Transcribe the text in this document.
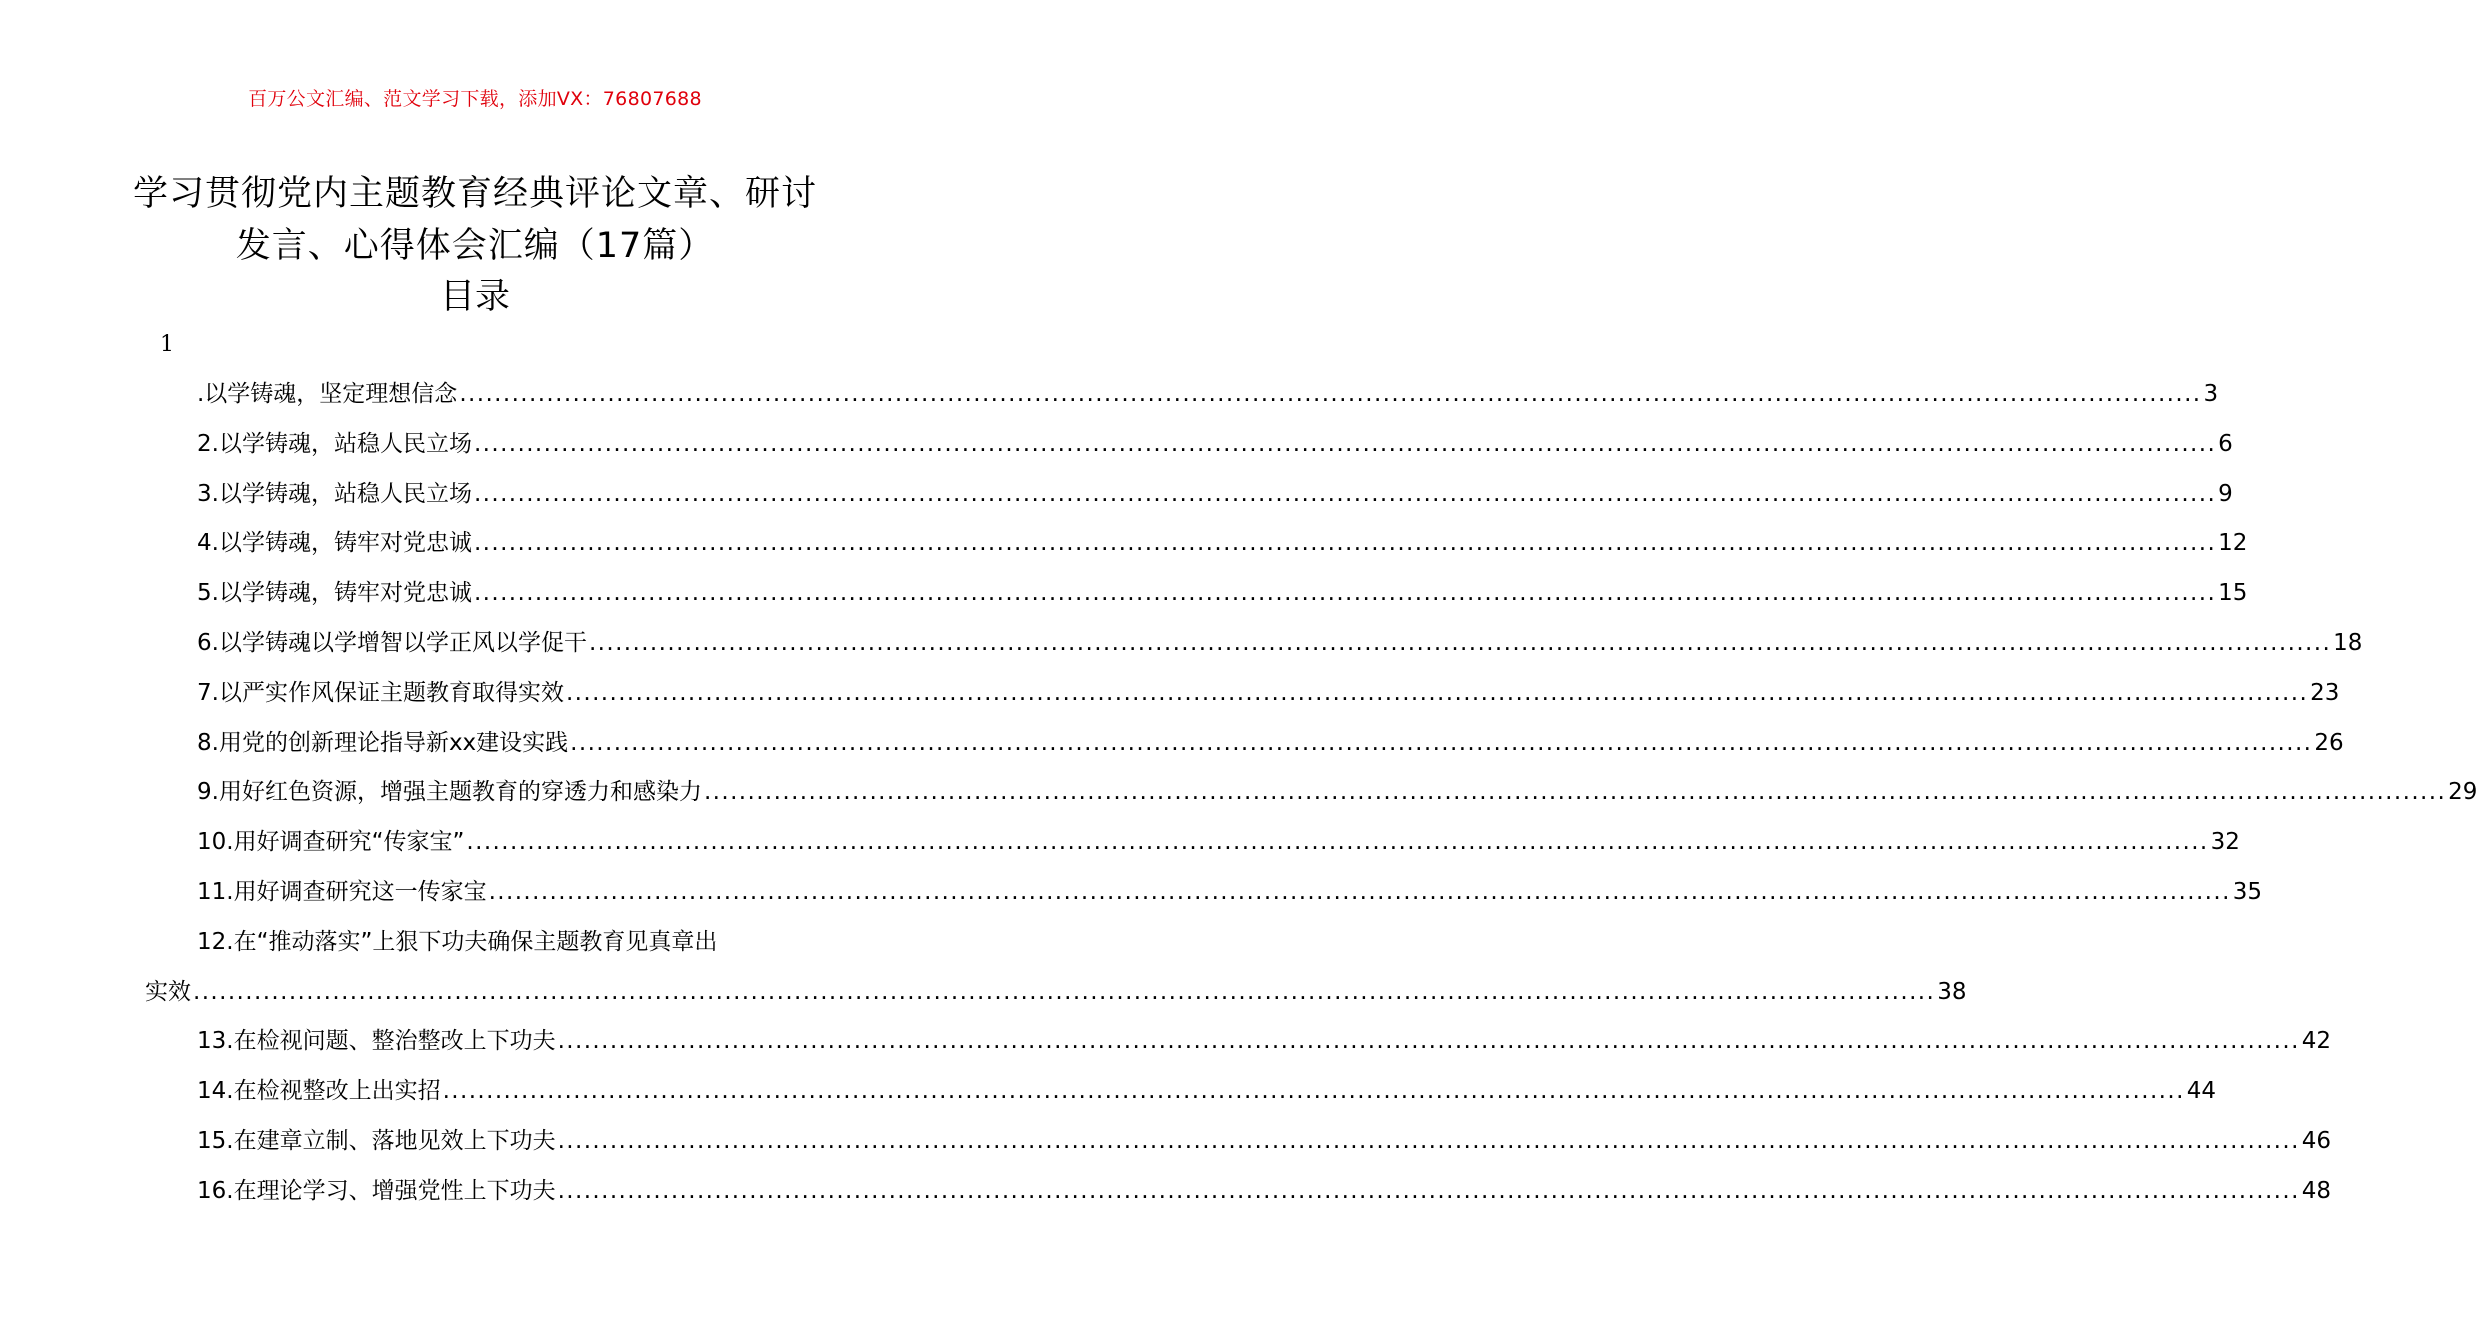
百万公文汇编、范文学习下载，添加VX：76807688
学习贯彻党内主题教育经典评论文章、研讨发言、心得体会汇编（17篇）
目录
1
.以学铸魂，坚定理想信念 ........................................................................................................................................................................................................ 3
2.以学铸魂，站稳人民立场 ........................................................................................................................................................................................................ 6
3.以学铸魂，站稳人民立场 ........................................................................................................................................................................................................ 9
4.以学铸魂，铸牢对党忠诚 ........................................................................................................................................................................................................ 12
5.以学铸魂，铸牢对党忠诚 ........................................................................................................................................................................................................ 15
6.以学铸魂以学增智以学正风以学促干 ........................................................................................................................................................................................................ 18
7.以严实作风保证主题教育取得实效 ........................................................................................................................................................................................................ 23
8.用党的创新理论指导新xx建设实践 ........................................................................................................................................................................................................ 26
9.用好红色资源，增强主题教育的穿透力和感染力 ........................................................................................................................................................................................................ 29
10.用好调查研究“传家宝” ........................................................................................................................................................................................................ 32
11.用好调查研究这一传家宝 ........................................................................................................................................................................................................ 35
12.在“推动落实”上狠下功夫确保主题教育见真章出
实效 ........................................................................................................................................................................................................ 38
13.在检视问题、整治整改上下功夫 ........................................................................................................................................................................................................ 42
14.在检视整改上出实招 ........................................................................................................................................................................................................ 44
15.在建章立制、落地见效上下功夫 ........................................................................................................................................................................................................ 46
16.在理论学习、增强党性上下功夫 ........................................................................................................................................................................................................ 48
